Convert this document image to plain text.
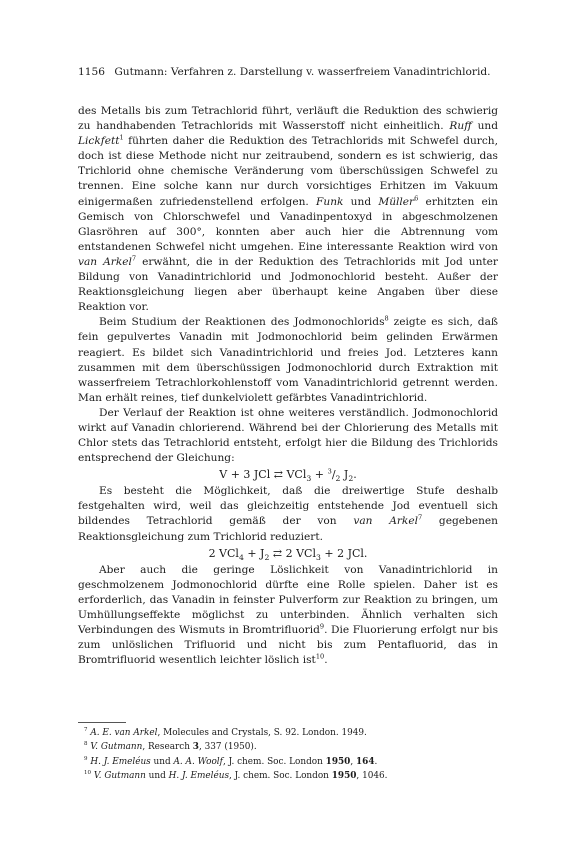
1156 Gutmann: Verfahren z. Darstellung v. wasserfreiem Vanadintrichlorid.

des Metalls bis zum Tetrachlorid führt, verläuft die Reduktion des schwierig zu handhabenden Tetrachlorids mit Wasserstoff nicht einheitlich. Ruff und Lickfett$^1$ führten daher die Reduktion des Tetrachlorids mit Schwefel durch, doch ist diese Methode nicht nur zeitraubend, sondern es ist schwierig, das Trichlorid ohne chemische Veränderung vom überschüssigen Schwefel zu trennen. Eine solche kann nur durch vorsichtiges Erhitzen im Vakuum einigermaßen zufriedenstellend erfolgen. Funk und Müller$^6$ erhitzten ein Gemisch von Chlorschwefel und Vanadinpentoxyd in abgeschmolzenen Glasröhren auf 300°, konnten aber auch hier die Abtrennung vom entstandenen Schwefel nicht umgehen. Eine interessante Reaktion wird von van Arkel$^7$ erwähnt, die in der Reduktion des Tetrachlorids mit Jod unter Bildung von Vanadintrichlorid und Jodmonochlorid besteht. Außer der Reaktionsgleichung liegen aber überhaupt keine Angaben über diese Reaktion vor.

Beim Studium der Reaktionen des Jodmonochlorids$^8$ zeigte es sich, daß fein gepulvertes Vanadin mit Jodmonochlorid beim gelinden Erwärmen reagiert. Es bildet sich Vanadintrichlorid und freies Jod. Letzteres kann zusammen mit dem überschüssigen Jodmonochlorid durch Extraktion mit wasserfreiem Tetrachlorkohlenstoff vom Vanadintrichlorid getrennt werden. Man erhält reines, tief dunkelviolett gefärbtes Vanadintrichlorid.

Der Verlauf der Reaktion ist ohne weiteres verständlich. Jodmonochlorid wirkt auf Vanadin chlorierend. Während bei der Chlorierung des Metalls mit Chlor stets das Tetrachlorid entsteht, erfolgt hier die Bildung des Trichlorids entsprechend der Gleichung:

V + 3 JCl ⇄ $VCl_3 + ^3/_2$ $J_2$.

Es besteht die Möglichkeit, daß die dreiwertige Stufe deshalb festgehalten wird, weil das gleichzeitig entstehende Jod eventuell sich bildendes Tetrachlorid gemäß der von van Arkel$^7$ gegebenen Reaktionsgleichung zum Trichlorid reduziert.

2 $VCl_4 + J_2$ ⇄ 2 VCl$_3$ + 2 JCl.

Aber auch die geringe Löslichkeit von Vanadintrichlorid in geschmolzenem Jodmonochlorid dürfte eine Rolle spielen. Daher ist es erforderlich, das Vanadin in feinster Pulverform zur Reaktion zu bringen, um Umhüllungseffekte möglichst zu unterbinden. Ähnlich verhalten sich Verbindungen des Wismuts in Bromtrifluorid$^9$. Die Fluorierung erfolgt nur bis zum unlöslichen Trifluorid und nicht bis zum Pentafluorid, das in Bromtrifluorid wesentlich leichter löslich ist$^{10}$.

$^7$ A. E. van Arkel, Molecules and Crystals, S. 92. London. 1949.
$^8$ V. Gutmann, Research 3, 337 (1950).
$^9$ H. J. Emeléus und A. A. Woolf, J. chem. Soc. London 1950, 164.
$^{10}$ V. Gutmann und H. J. Emeléus, J. chem. Soc. London 1950, 1046.
